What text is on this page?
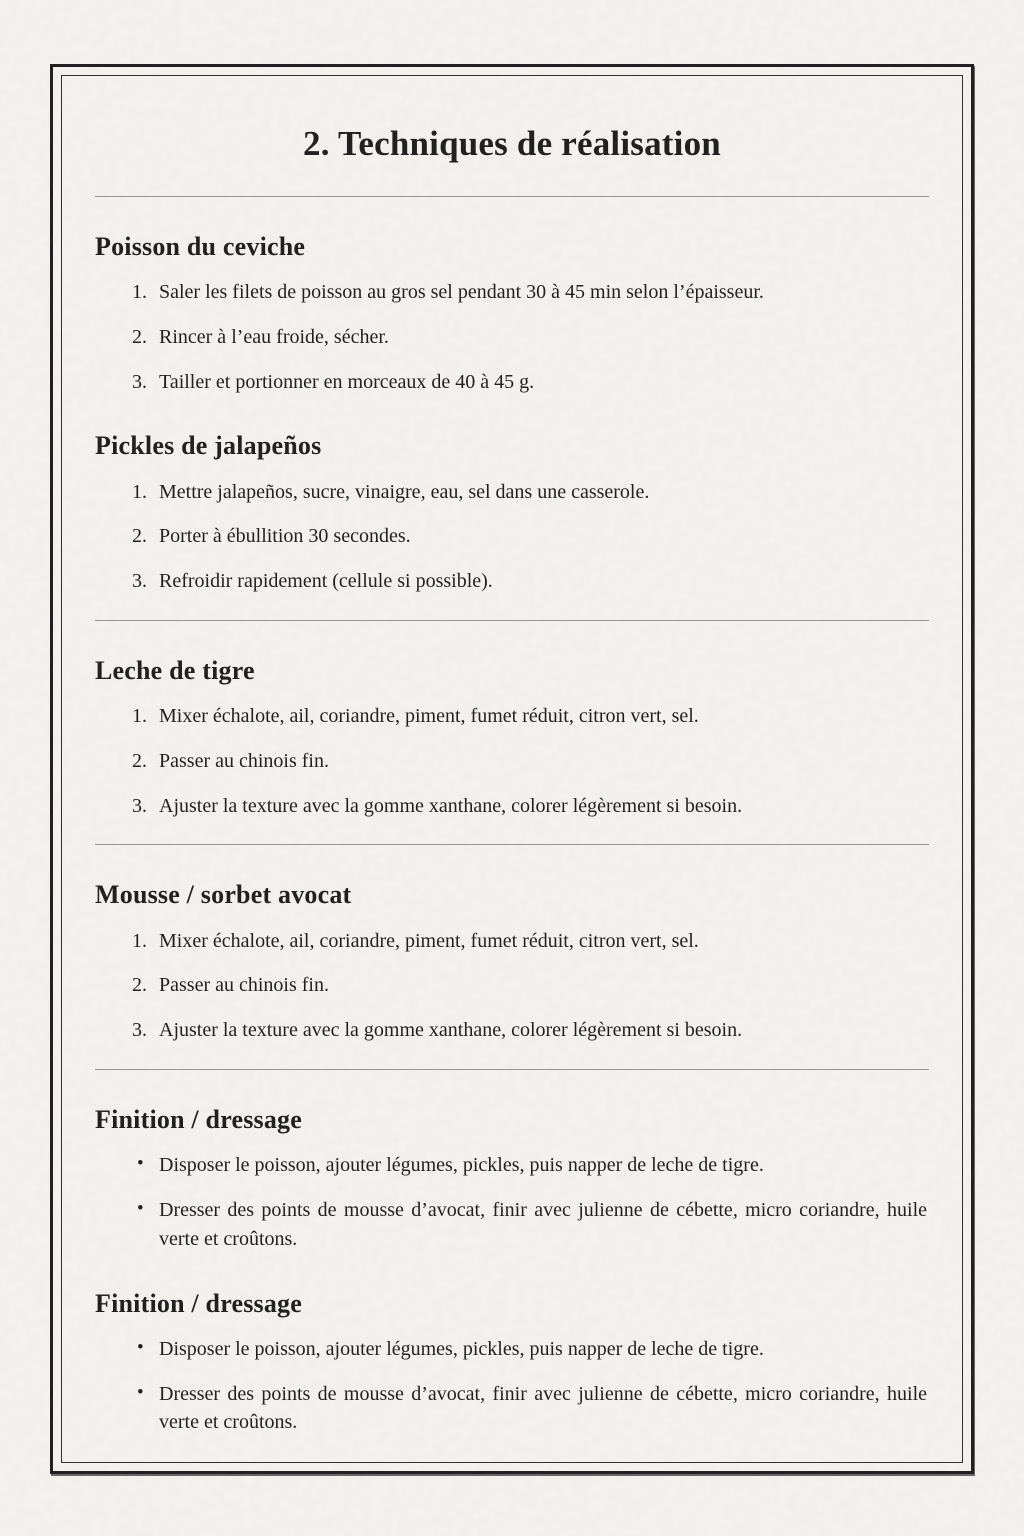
2. Techniques de réalisation
Poisson du ceviche
Saler les filets de poisson au gros sel pendant 30 à 45 min selon l’épaisseur.
Rincer à l’eau froide, sécher.
Tailler et portionner en morceaux de 40 à 45 g.
Pickles de jalapeños
Mettre jalapeños, sucre, vinaigre, eau, sel dans une casserole.
Porter à ébullition 30 secondes.
Refroidir rapidement (cellule si possible).
Leche de tigre
Mixer échalote, ail, coriandre, piment, fumet réduit, citron vert, sel.
Passer au chinois fin.
Ajuster la texture avec la gomme xanthane, colorer légèrement si besoin.
Mousse / sorbet avocat
Mixer échalote, ail, coriandre, piment, fumet réduit, citron vert, sel.
Passer au chinois fin.
Ajuster la texture avec la gomme xanthane, colorer légèrement si besoin.
Finition / dressage
• Disposer le poisson, ajouter légumes, pickles, puis napper de leche de tigre.
• Dresser des points de mousse d’avocat, finir avec julienne de cébette, micro coriandre, huile verte et croûtons.
Finition / dressage
• Disposer le poisson, ajouter légumes, pickles, puis napper de leche de tigre.
• Dresser des points de mousse d’avocat, finir avec julienne de cébette, micro coriandre, huile verte et croûtons.
